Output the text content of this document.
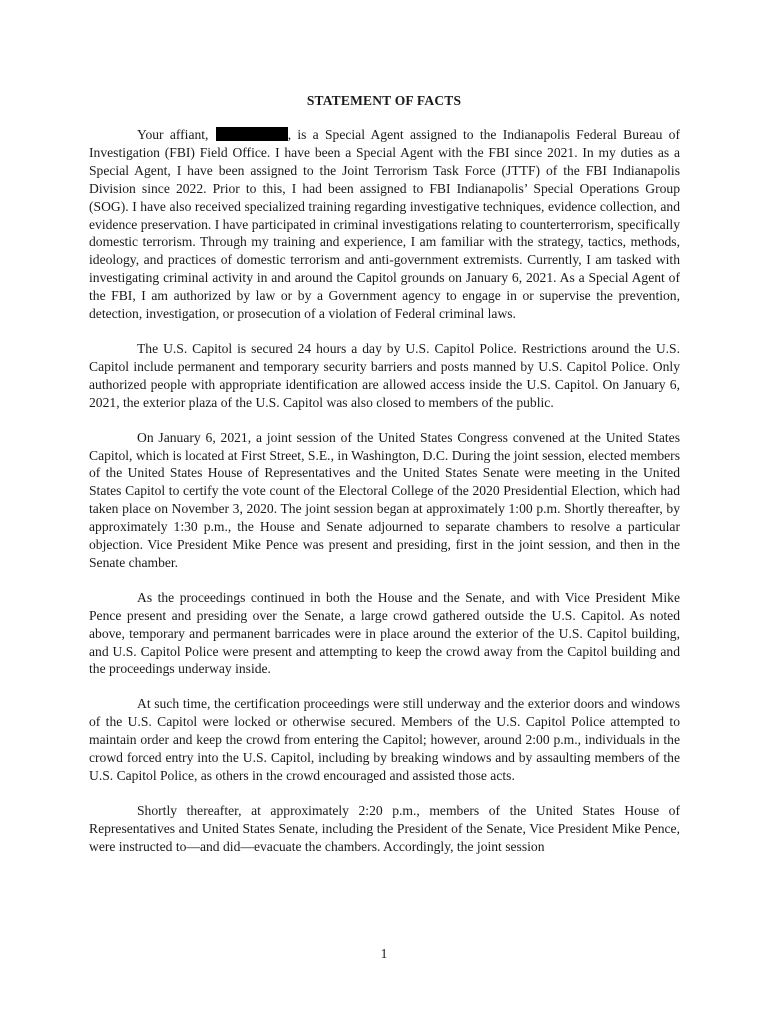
STATEMENT OF FACTS

Your affiant,	, is a Special Agent assigned to the Indianapolis Federal Bureau of Investigation (FBI) Field Office. I have been a Special Agent with the FBI since 2021. In my duties as a Special Agent, I have been assigned to the Joint Terrorism Task Force (JTTF) of the FBI Indianapolis Division since 2022. Prior to this, I had been assigned to FBI Indianapolis’ Special Operations Group (SOG). I have also received specialized training regarding investigative techniques, evidence collection, and evidence preservation. I have participated in criminal investigations relating to counterterrorism, specifically domestic terrorism. Through my training and experience, I am familiar with the strategy, tactics, methods, ideology, and practices of domestic terrorism and anti-government extremists. Currently, I am tasked with investigating criminal activity in and around the Capitol grounds on January 6, 2021. As a Special Agent of the FBI, I am authorized by law or by a Government agency to engage in or supervise the prevention, detection, investigation, or prosecution of a violation of Federal criminal laws.

The U.S. Capitol is secured 24 hours a day by U.S. Capitol Police. Restrictions around the U.S. Capitol include permanent and temporary security barriers and posts manned by U.S. Capitol Police. Only authorized people with appropriate identification are allowed access inside the U.S. Capitol. On January 6, 2021, the exterior plaza of the U.S. Capitol was also closed to members of the public.

On January 6, 2021, a joint session of the United States Congress convened at the United States Capitol, which is located at First Street, S.E., in Washington, D.C. During the joint session, elected members of the United States House of Representatives and the United States Senate were meeting in the United States Capitol to certify the vote count of the Electoral College of the 2020 Presidential Election, which had taken place on November 3, 2020. The joint session began at approximately 1:00 p.m. Shortly thereafter, by approximately 1:30 p.m., the House and Senate adjourned to separate chambers to resolve a particular objection. Vice President Mike Pence was present and presiding, first in the joint session, and then in the Senate chamber.

As the proceedings continued in both the House and the Senate, and with Vice President Mike Pence present and presiding over the Senate, a large crowd gathered outside the U.S. Capitol. As noted above, temporary and permanent barricades were in place around the exterior of the U.S. Capitol building, and U.S. Capitol Police were present and attempting to keep the crowd away from the Capitol building and the proceedings underway inside.

At such time, the certification proceedings were still underway and the exterior doors and windows of the U.S. Capitol were locked or otherwise secured. Members of the U.S. Capitol Police attempted to maintain order and keep the crowd from entering the Capitol; however, around 2:00 p.m., individuals in the crowd forced entry into the U.S. Capitol, including by breaking windows and by assaulting members of the U.S. Capitol Police, as others in the crowd encouraged and assisted those acts.

Shortly thereafter, at approximately 2:20 p.m., members of the United States House of Representatives and United States Senate, including the President of the Senate, Vice President Mike Pence, were instructed to—and did—evacuate the chambers. Accordingly, the joint session

1
